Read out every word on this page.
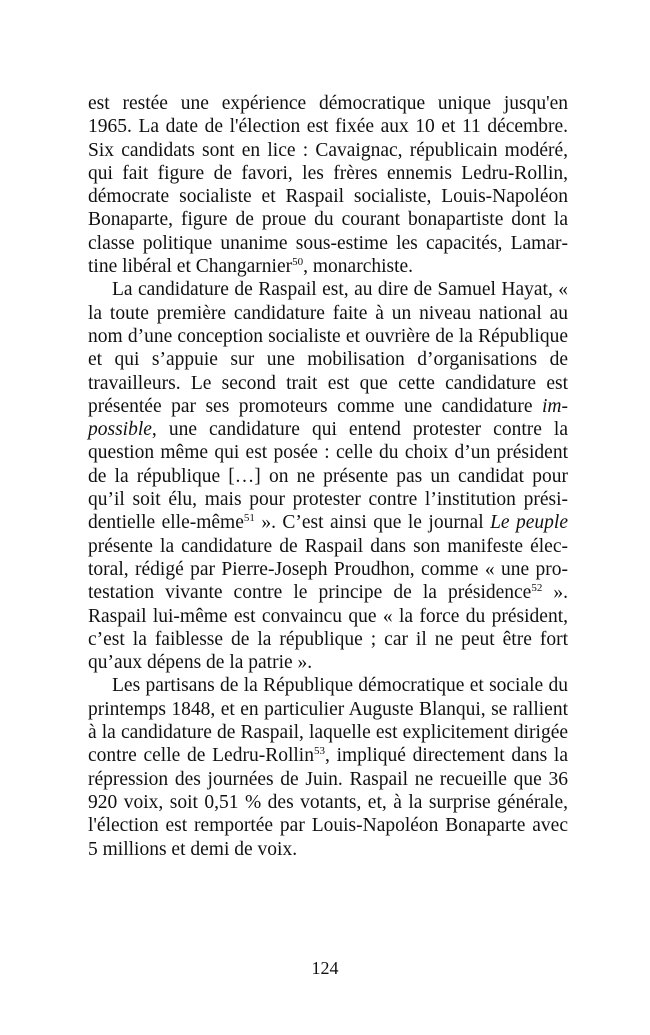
est restée une expérience démocratique unique jusqu'en 1965. La date de l'élection est fixée aux 10 et 11 décembre. Six candidats sont en lice : Cavaignac, républicain modéré, qui fait figure de favori, les frères ennemis Ledru-Rollin, démocrate socialiste et Raspail socialiste, Louis-Napoléon Bonaparte, figure de proue du courant bonapartiste dont la classe politique unanime sous-estime les capacités, Lamartine libéral et Changarnier$^{50}$, monarchiste.

La candidature de Raspail est, au dire de Samuel Hayat, « la toute première candidature faite à un niveau national au nom d’une conception socialiste et ouvrière de la République et qui s’appuie sur une mobilisation d’organisations de travailleurs. Le second trait est que cette candidature est présentée par ses promoteurs comme une candidature impossible, une candidature qui entend protester contre la question même qui est posée : celle du choix d’un président de la république […] on ne présente pas un candidat pour qu’il soit élu, mais pour protester contre l’institution présidentielle elle-même$^{51}$ ». C’est ainsi que le journal Le peuple présente la candidature de Raspail dans son manifeste électoral, rédigé par Pierre-Joseph Proudhon, comme « une protestation vivante contre le principe de la présidence$^{52}$ ». Raspail lui-même est convaincu que « la force du président, c’est la faiblesse de la république ; car il ne peut être fort qu’aux dépens de la patrie ».

Les partisans de la République démocratique et sociale du printemps 1848, et en particulier Auguste Blanqui, se rallient à la candidature de Raspail, laquelle est explicitement dirigée contre celle de Ledru-Rollin$^{53}$, impliqué directement dans la répression des journées de Juin. Raspail ne recueille que 36 920 voix, soit 0,51 % des votants, et, à la surprise générale, l'élection est remportée par Louis-Napoléon Bonaparte avec 5 millions et demi de voix.

124
